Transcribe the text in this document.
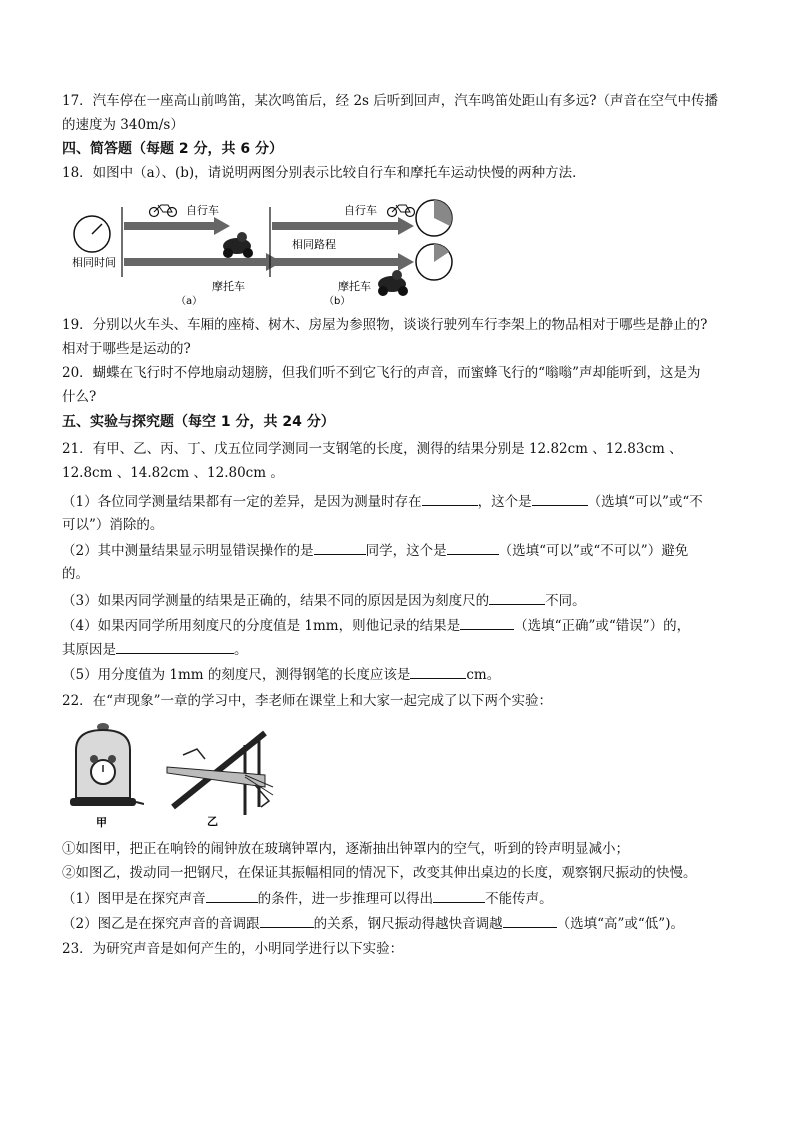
17．汽车停在一座高山前鸣笛，某次鸣笛后，经 2s 后听到回声，汽车鸣笛处距山有多远?（声音在空气中传播
的速度为 340m/s）
四、简答题（每题 2 分，共 6 分）
18．如图中（a）、(b)，请说明两图分别表示比较自行车和摩托车运动快慢的两种方法．
相同时间
自行车
摩托车
（a）
自行车
相同路程
摩托车
（b）
19．分别以火车头、车厢的座椅、树木、房屋为参照物，谈谈行驶列车行李架上的物品相对于哪些是静止的?
相对于哪些是运动的?
20．蝴蝶在飞行时不停地扇动翅膀，但我们听不到它飞行的声音，而蜜蜂飞行的“嗡嗡”声却能听到，这是为
什么?
五、实验与探究题（每空 1 分，共 24 分）
21．有甲、乙、丙、丁、戊五位同学测同一支钢笔的长度，测得的结果分别是 12.82cm 、12.83cm 、
12.8cm 、14.82cm 、12.80cm 。
（1）各位同学测量结果都有一定的差异，是因为测量时存在	，这个是	（选填“可以”或“不
可以”）消除的。
（2）其中测量结果显示明显错误操作的是	同学，这个是	（选填“可以”或“不可以”）避免
的。
（3）如果丙同学测量的结果是正确的，结果不同的原因是因为刻度尺的	不同。
（4）如果丙同学所用刻度尺的分度值是 1mm，则他记录的结果是	（选填“正确”或“错误”）的，
其原因是	。
（5）用分度值为 1mm 的刻度尺，测得钢笔的长度应该是	cm。
22．在“声现象”一章的学习中，李老师在课堂上和大家一起完成了以下两个实验：
甲	乙
①如图甲，把正在响铃的闹钟放在玻璃钟罩内，逐渐抽出钟罩内的空气，听到的铃声明显减小；
②如图乙，拨动同一把钢尺，在保证其振幅相同的情况下，改变其伸出桌边的长度，观察钢尺振动的快慢。
（1）图甲是在探究声音	的条件，进一步推理可以得出	不能传声。
（2）图乙是在探究声音的音调跟	的关系，钢尺振动得越快音调越	（选填“高”或“低”)。
23．为研究声音是如何产生的，小明同学进行以下实验：
